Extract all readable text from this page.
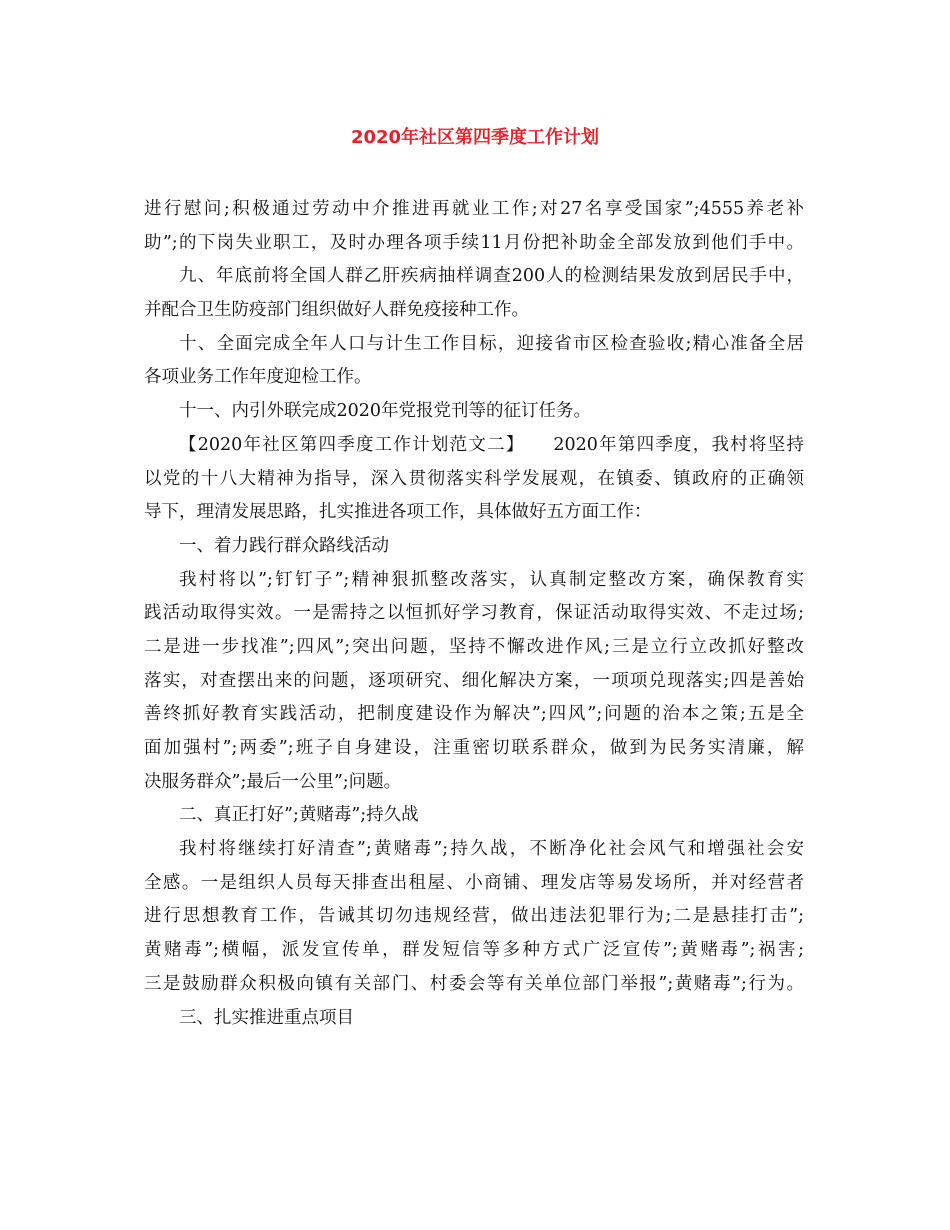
2020年社区第四季度工作计划
进行慰问;积极通过劳动中介推进再就业工作;对27名享受国家”;4555养老补
助”;的下岗失业职工，及时办理各项手续11月份把补助金全部发放到他们手中。
九、年底前将全国人群乙肝疾病抽样调查200人的检测结果发放到居民手中，
并配合卫生防疫部门组织做好人群免疫接种工作。
十、全面完成全年人口与计生工作目标，迎接省市区检查验收;精心准备全居
各项业务工作年度迎检工作。
十一、内引外联完成2020年党报党刊等的征订任务。
【2020年社区第四季度工作计划范文二】　　2020年第四季度，我村将坚持
以党的十八大精神为指导，深入贯彻落实科学发展观，在镇委、镇政府的正确领
导下，理清发展思路，扎实推进各项工作，具体做好五方面工作：
一、着力践行群众路线活动
我村将以”;钉钉子”;精神狠抓整改落实，认真制定整改方案，确保教育实
践活动取得实效。一是需持之以恒抓好学习教育，保证活动取得实效、不走过场;
二是进一步找准”;四风”;突出问题，坚持不懈改进作风;三是立行立改抓好整改
落实，对查摆出来的问题，逐项研究、细化解决方案，一项项兑现落实;四是善始
善终抓好教育实践活动，把制度建设作为解决”;四风”;问题的治本之策;五是全
面加强村”;两委”;班子自身建设，注重密切联系群众，做到为民务实清廉，解
决服务群众”;最后一公里”;问题。
二、真正打好”;黄赌毒”;持久战
我村将继续打好清查”;黄赌毒”;持久战，不断净化社会风气和增强社会安
全感。一是组织人员每天排查出租屋、小商铺、理发店等易发场所，并对经营者
进行思想教育工作，告诫其切勿违规经营，做出违法犯罪行为;二是悬挂打击”;
黄赌毒”;横幅，派发宣传单，群发短信等多种方式广泛宣传”;黄赌毒”;祸害;
三是鼓励群众积极向镇有关部门、村委会等有关单位部门举报”;黄赌毒”;行为。
三、扎实推进重点项目
